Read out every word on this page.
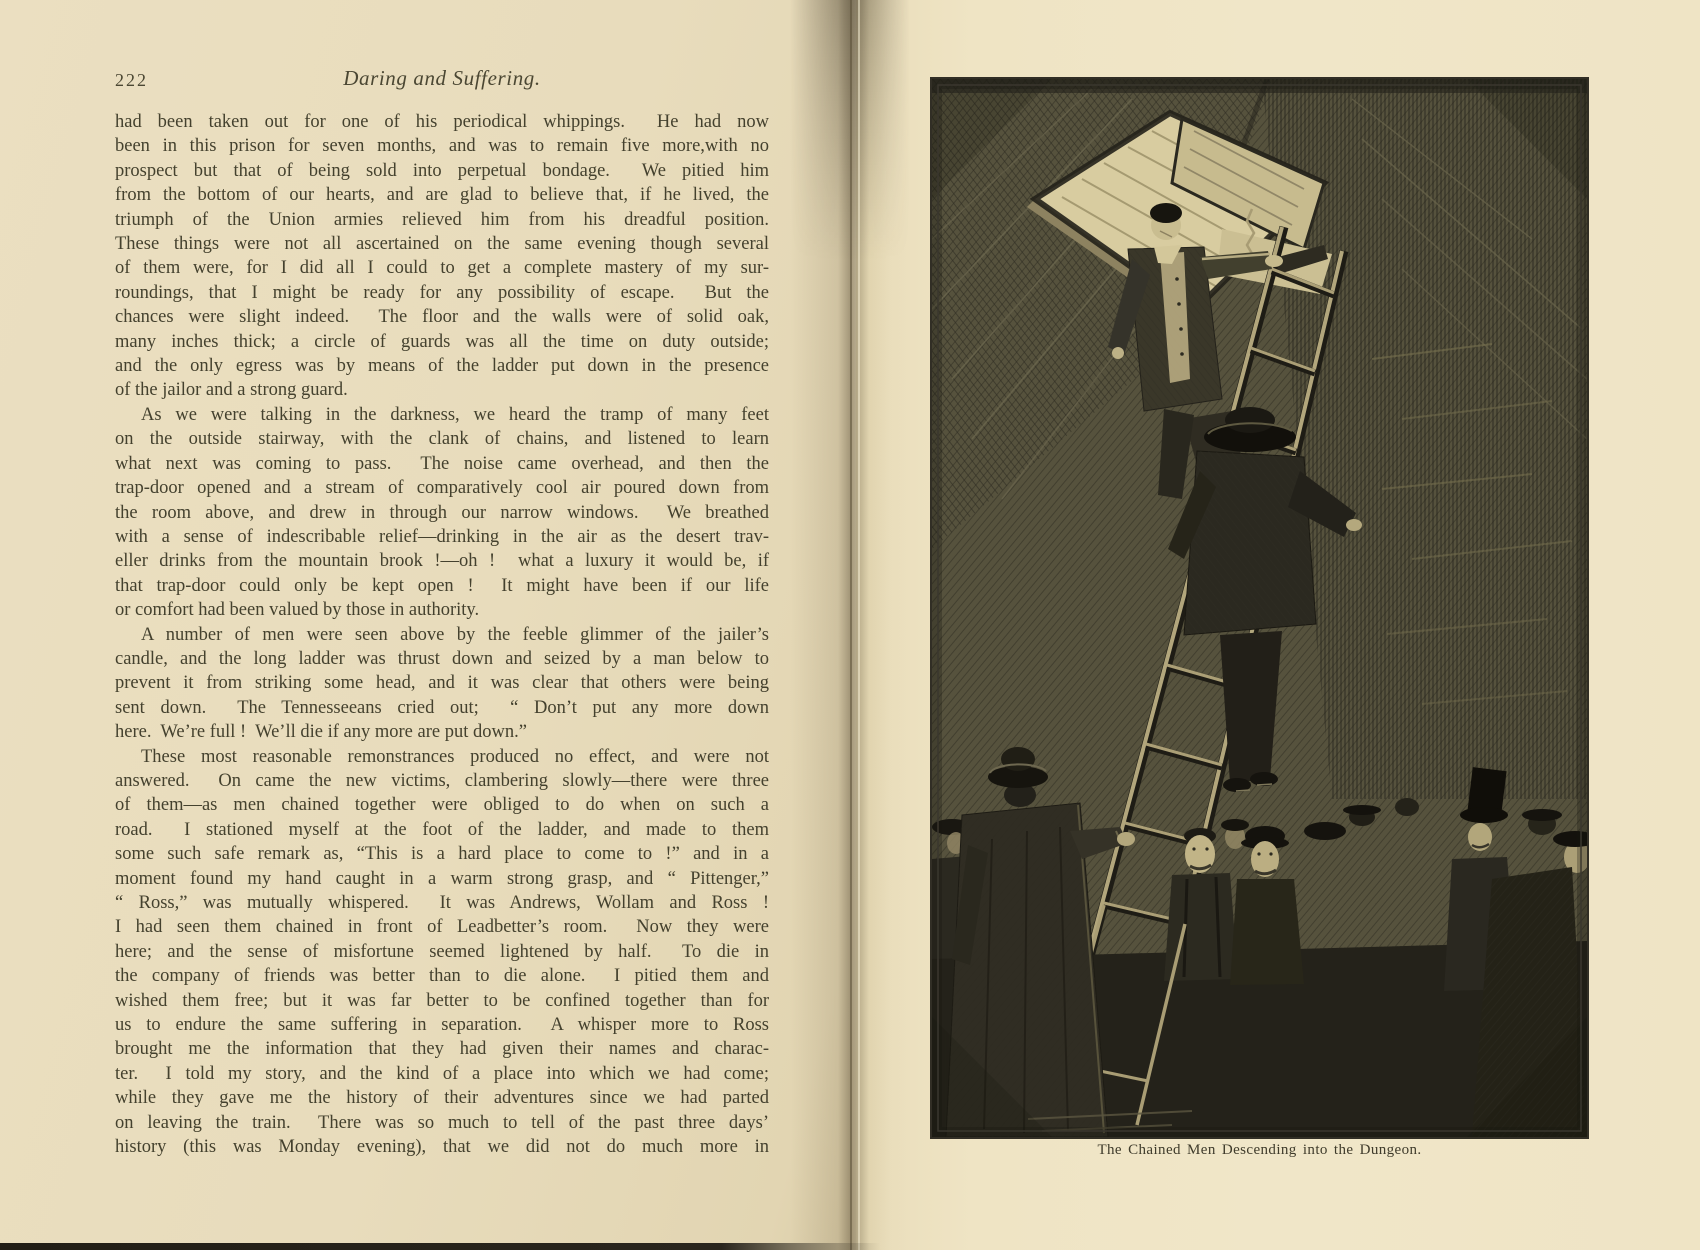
222	Daring and Suffering.
had been taken out for one of his periodical whippings.  He had now
been in this prison for seven months, and was to remain five more,with no
prospect but that of being sold into perpetual bondage.  We pitied him
from the bottom of our hearts, and are glad to believe that, if he lived, the
triumph of the Union armies relieved him from his dreadful position.
These things were not all ascertained on the same evening though several
of them were, for I did all I could to get a complete mastery of my sur-
roundings, that I might be ready for any possibility of escape.  But the
chances were slight indeed.  The floor and the walls were of solid oak,
many inches thick; a circle of guards was all the time on duty outside;
and the only egress was by means of the ladder put down in the presence
of the jailor and a strong guard.
As we were talking in the darkness, we heard the tramp of many feet
on the outside stairway, with the clank of chains, and listened to learn
what next was coming to pass.  The noise came overhead, and then the
trap-door opened and a stream of comparatively cool air poured down from
the room above, and drew in through our narrow windows.  We breathed
with a sense of indescribable relief—drinking in the air as the desert trav-
eller drinks from the mountain brook !—oh !  what a luxury it would be, if
that trap-door could only be kept open !  It might have been if our life
or comfort had been valued by those in authority.
A number of men were seen above by the feeble glimmer of the jailer’s
candle, and the long ladder was thrust down and seized by a man below to
prevent it from striking some head, and it was clear that others were being
sent down.  The Tennesseeans cried out;  “ Don’t put any more down
here.  We’re full !  We’ll die if any more are put down.”
These most reasonable remonstrances produced no effect, and were not
answered.  On came the new victims, clambering slowly—there were three
of them—as men chained together were obliged to do when on such a
road.  I stationed myself at the foot of the ladder, and made to them
some such safe remark as, “This is a hard place to come to !” and in a
moment found my hand caught in a warm strong grasp, and “ Pittenger,”
“ Ross,” was mutually whispered.  It was Andrews, Wollam and Ross !
I had seen them chained in front of Leadbetter’s room.  Now they were
here; and the sense of misfortune seemed lightened by half.  To die in
the company of friends was better than to die alone.  I pitied them and
wished them free; but it was far better to be confined together than for
us to endure the same suffering in separation.  A whisper more to Ross
brought me the information that they had given their names and charac-
ter.  I told my story, and the kind of a place into which we had come;
while they gave me the history of their adventures since we had parted
on leaving the train.  There was so much to tell of the past three days’
history (this was Monday evening), that we did not do much more in	The Chained Men Descending into the Dungeon.
